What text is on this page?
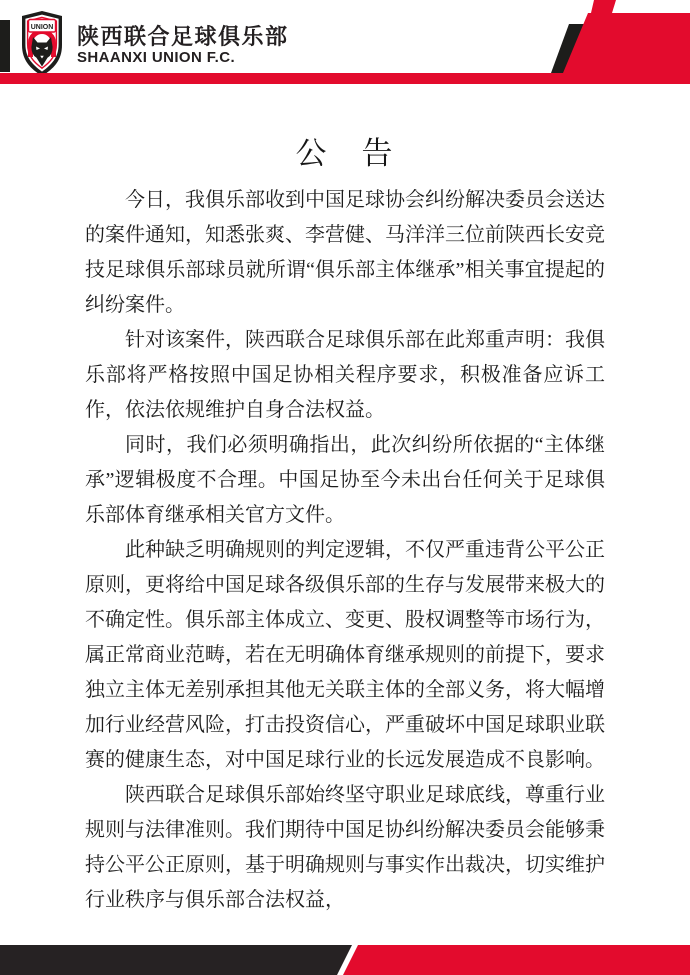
UNION 陕西联合足球俱乐部
SHAANXI UNION F.C.
公　告

今日，我俱乐部收到中国足球协会纠纷解决委员会送达的案件通知，知悉张爽、李营健、马洋洋三位前陕西长安竞技足球俱乐部球员就所谓“俱乐部主体继承”相关事宜提起的纠纷案件。

针对该案件，陕西联合足球俱乐部在此郑重声明：我俱乐部将严格按照中国足协相关程序要求，积极准备应诉工作，依法依规维护自身合法权益。

同时，我们必须明确指出，此次纠纷所依据的“主体继承”逻辑极度不合理。中国足协至今未出台任何关于足球俱乐部体育继承相关官方文件。

此种缺乏明确规则的判定逻辑，不仅严重违背公平公正原则，更将给中国足球各级俱乐部的生存与发展带来极大的不确定性。俱乐部主体成立、变更、股权调整等市场行为，属正常商业范畴，若在无明确体育继承规则的前提下，要求独立主体无差别承担其他无关联主体的全部义务，将大幅增加行业经营风险，打击投资信心，严重破坏中国足球职业联赛的健康生态，对中国足球行业的长远发展造成不良影响。

陕西联合足球俱乐部始终坚守职业足球底线，尊重行业规则与法律准则。我们期待中国足协纠纷解决委员会能够秉持公平公正原则，基于明确规则与事实作出裁决，切实维护行业秩序与俱乐部合法权益，
